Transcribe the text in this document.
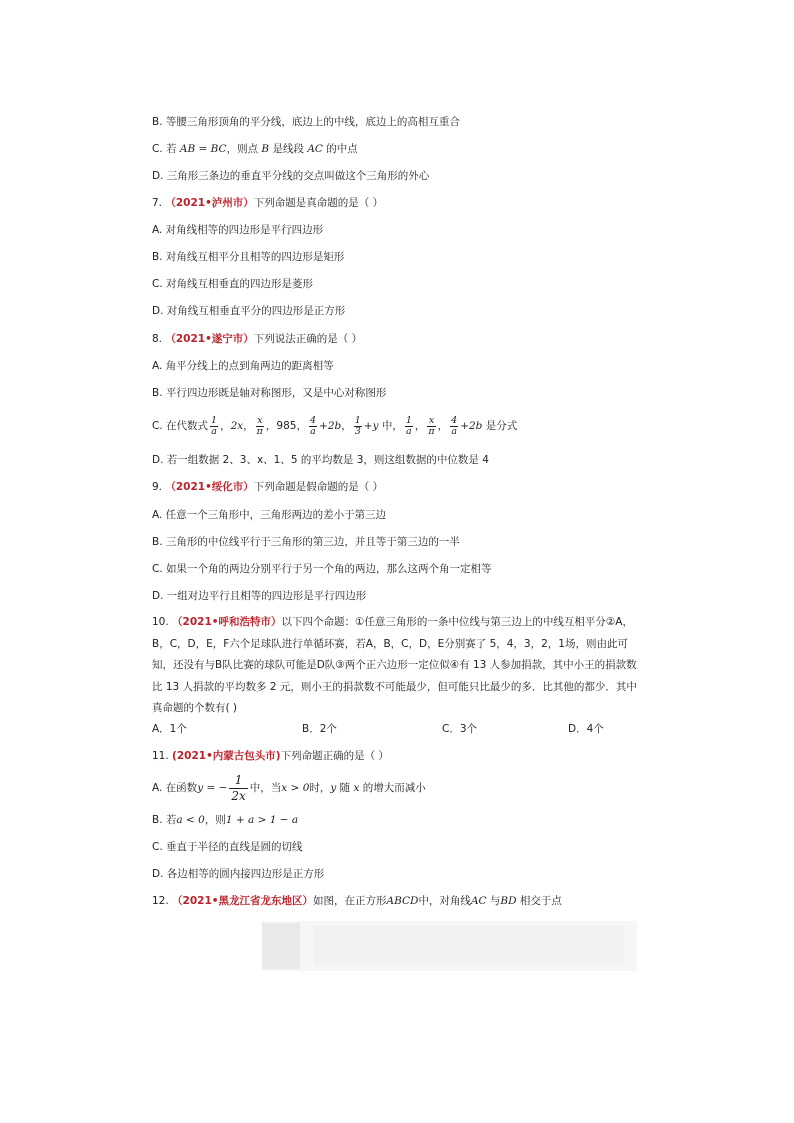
B. 等腰三角形顶角的平分线，底边上的中线，底边上的高相互重合
C. 若 AB = BC，则点 B 是线段 AC 的中点
D. 三角形三条边的垂直平分线的交点叫做这个三角形的外心
7. （2021•泸州市）下列命题是真命题的是（ ）
A. 对角线相等的四边形是平行四边形
B. 对角线互相平分且相等的四边形是矩形
C. 对角线互相垂直的四边形是菱形
D. 对角线互相垂直平分的四边形是正方形
8. （2021•遂宁市）下列说法正确的是（ ）
A. 角平分线上的点到角两边的距离相等
B. 平行四边形既是轴对称图形，又是中心对称图形
C. 在代数式 $\frac{1}{a}$ ，2x， $\frac{x}{\pi}$ ，985， $\frac{4}{a} +2b$， $\frac{1}{3} +y$ 中， $\frac{1}{a}$ ， $\frac{x}{\pi}$ ， $\frac{4}{a} +2b$ 是分式
D. 若一组数据 2、3、x、1、5 的平均数是 3，则这组数据的中位数是 4
9. （2021•绥化市）下列命题是假命题的是（ ）
A. 任意一个三角形中，三角形两边的差小于第三边
B. 三角形的中位线平行于三角形的第三边，并且等于第三边的一半
C. 如果一个角的两边分别平行于另一个角的两边，那么这两个角一定相等
D. 一组对边平行且相等的四边形是平行四边形
10. （2021•呼和浩特市）以下四个命题：①任意三角形的一条中位线与第三边上的中线互相平分②A，B，C，D，E，F六个足球队进行单循环赛，若A，B，C，D，E分别赛了 5，4，3，2，1场，则由此可知，还没有与B队比赛的球队可能是D队③两个正六边形一定位似④有 13 人参加捐款，其中小王的捐款数比 13 人捐款的平均数多 2 元，则小王的捐款数不可能最少，但可能只比最少的多．比其他的都少．其中真命题的个数有( )
A．1个	B．2个	C．3个	D．4个
11. (2021•内蒙古包头市)下列命题正确的是（ ）
A. 在函数y = − $\frac{1}{2x}$ 中，当x > 0时，y 随 x 的增大而减小
B. 若a < 0，则1 + a > 1 − a
C. 垂直于半径的直线是圆的切线
D. 各边相等的圆内接四边形是正方形
12. （2021•黑龙江省龙东地区）如图，在正方形ABCD中，对角线AC 与BD 相交于点
